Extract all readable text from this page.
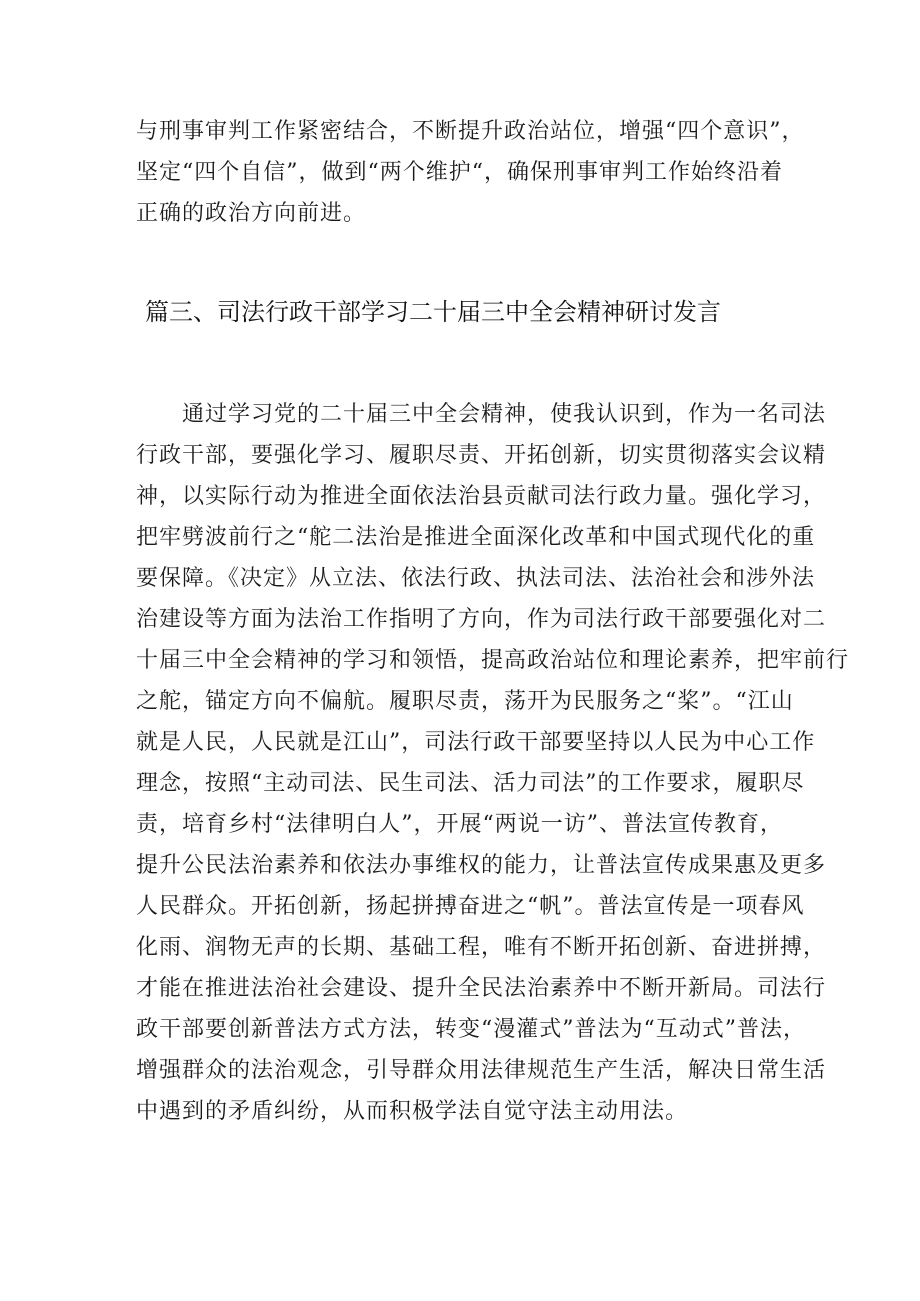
与刑事审判工作紧密结合，不断提升政治站位，增强“四个意识”，
坚定“四个自信”，做到“两个维护“，确保刑事审判工作始终沿着
正确的政治方向前进。
篇三、司法行政干部学习二十届三中全会精神研讨发言
通过学习党的二十届三中全会精神，使我认识到，作为一名司法
行政干部，要强化学习、履职尽责、开拓创新，切实贯彻落实会议精
神，以实际行动为推进全面依法治县贡献司法行政力量。强化学习，
把牢劈波前行之“舵二法治是推进全面深化改革和中国式现代化的重
要保障。《决定》从立法、依法行政、执法司法、法治社会和涉外法
治建设等方面为法治工作指明了方向，作为司法行政干部要强化对二
十届三中全会精神的学习和领悟，提高政治站位和理论素养，把牢前行
之舵，锚定方向不偏航。履职尽责，荡开为民服务之“桨”。“江山
就是人民，人民就是江山”，司法行政干部要坚持以人民为中心工作
理念，按照“主动司法、民生司法、活力司法”的工作要求，履职尽
责，培育乡村“法律明白人”，开展“两说一访”、普法宣传教育，
提升公民法治素养和依法办事维权的能力，让普法宣传成果惠及更多
人民群众。开拓创新，扬起拼搏奋进之“帆”。普法宣传是一项春风
化雨、润物无声的长期、基础工程，唯有不断开拓创新、奋进拼搏，
才能在推进法治社会建设、提升全民法治素养中不断开新局。司法行
政干部要创新普法方式方法，转变“漫灌式”普法为“互动式”普法，
增强群众的法治观念，引导群众用法律规范生产生活，解决日常生活
中遇到的矛盾纠纷，从而积极学法自觉守法主动用法。
